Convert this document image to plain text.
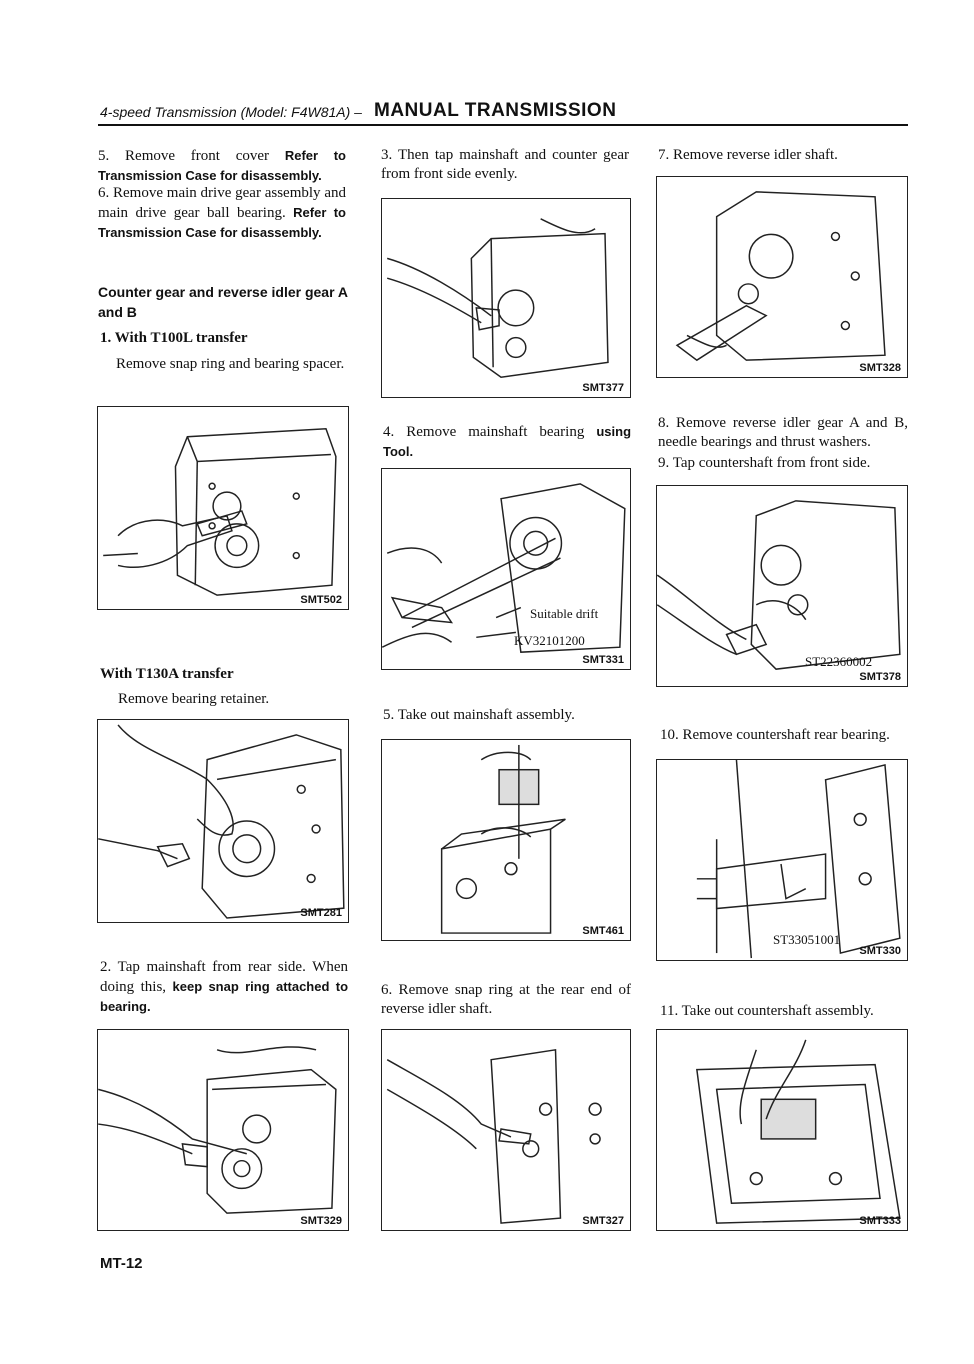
4-speed Transmission (Model: F4W81A) – MANUAL TRANSMISSION
5. Remove front cover Refer to Transmission Case for disassembly.
6. Remove main drive gear assembly and main drive gear ball bearing. Refer to Transmission Case for disassembly.
Counter gear and reverse idler gear A and B
1. With T100L transfer
Remove snap ring and bearing spacer.
SMT502
With T130A transfer
Remove bearing retainer.
SMT281
2. Tap mainshaft from rear side. When doing this, keep snap ring attached to bearing.
SMT329
3. Then tap mainshaft and counter gear from front side evenly.
SMT377
4. Remove mainshaft bearing using Tool.
Suitable drift
KV32101200
SMT331
5. Take out mainshaft assembly.
SMT461
6. Remove snap ring at the rear end of reverse idler shaft.
SMT327
7. Remove reverse idler shaft.
SMT328
8. Remove reverse idler gear A and B, needle bearings and thrust washers.
9. Tap countershaft from front side.
ST22360002
SMT378
10. Remove countershaft rear bearing.
ST33051001
SMT330
11. Take out countershaft assembly.
SMT333
MT-12
